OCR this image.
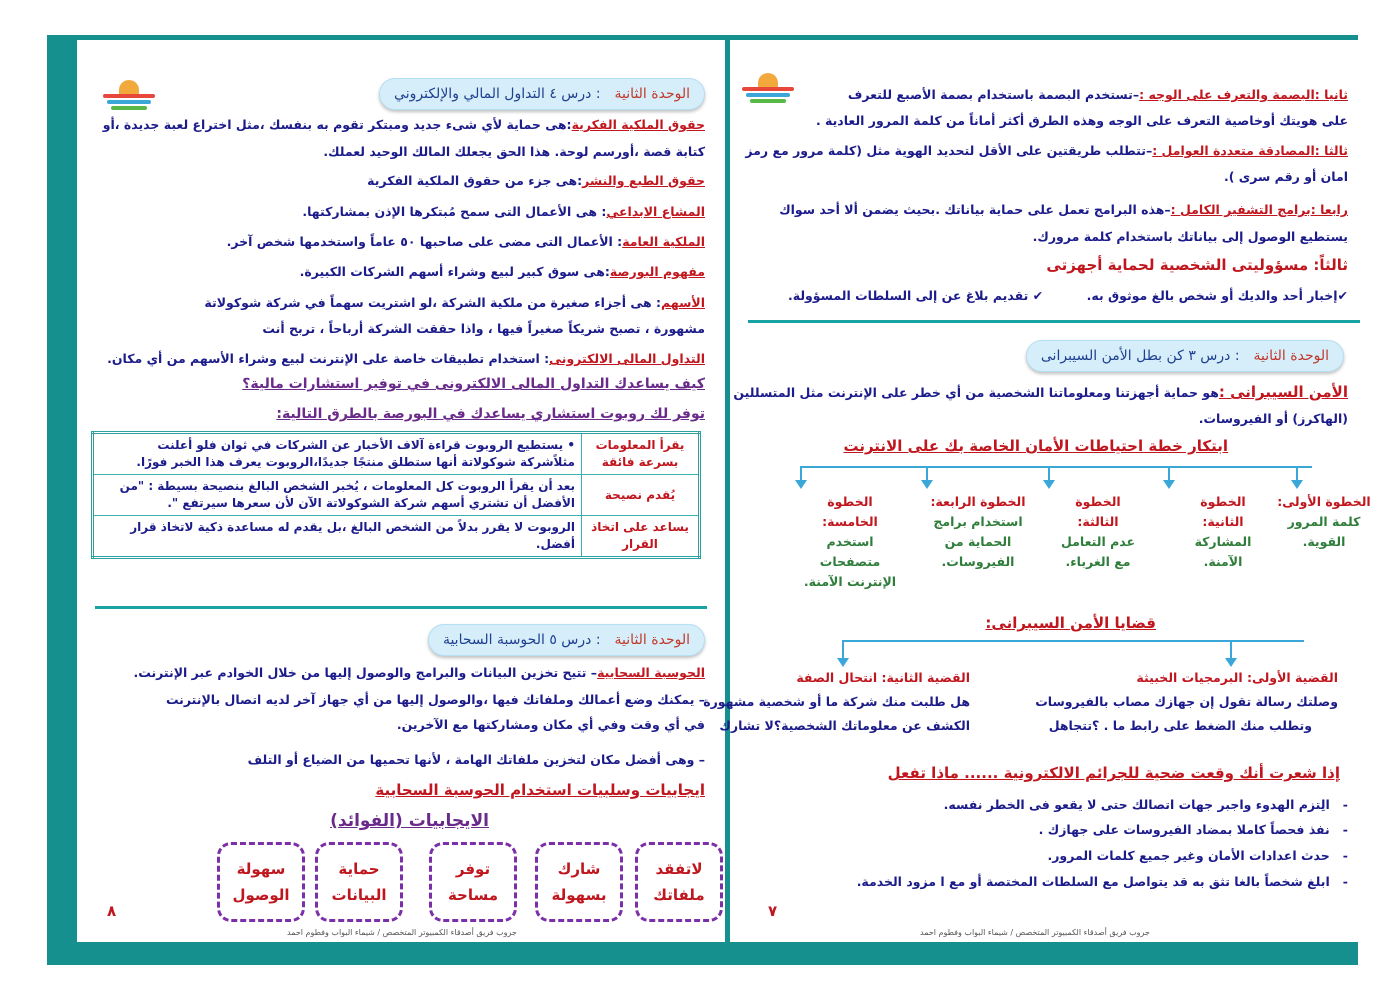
الوحدة الثانية
: درس ٤ التداول المالي والإلكتروني
حقوق الملكية الفكرية:هى حماية لأي شىء جديد ومبتكر تقوم به بنفسك ،مثل اختراع لعبة جديدة ،أو
كتابة قصة ،أورسم لوحة. هذا الحق يجعلك المالك الوحيد لعملك.
حقوق الطبع والنشر:هى جزء من حقوق الملكية الفكرية
المشاع الابداعي: هى الأعمال التى سمح مُبتكرها الإذن بمشاركتها.
الملكية العامة: الأعمال التى مضى على صاحبها ٥٠ عاماً واستخدمها شخص آخر.
مفهوم البورصة:هى سوق كبير لبيع وشراء أسهم الشركات الكبيرة.
الأسهم: هى أجزاء صغيرة من ملكية الشركة ،لو اشتريت سهماً في شركة شوكولاتة
مشهورة ، تصبح شريكاً صغيراً فيها ، واذا حققت الشركة أرباحاً ، تربح أنت
التداول المالى الالكترونى: استخدام تطبيقات خاصة على الإنترنت لبيع وشراء الأسهم من أي مكان.
كيف يساعدك التداول المالى الالكترونى في توفير استشارات مالية؟
توفر لك روبوت استشاري يساعدك في البورصة بالطرق التالية:
يقرأ المعلومات بسرعة فائقة	• يستطيع الروبوت قراءة آلاف الأخبار عن الشركات في ثوان فلو أعلنت مثلاًشركة شوكولاتة أنها ستطلق منتجًا جديدًا،الروبوت يعرف هذا الخبر فورًا.
يُقدم نصيحة	بعد أن يقرأ الروبوت كل المعلومات ، يُخبر الشخص البالغ بنصيحة بسيطة : "من الأفضل أن تشتري أسهم شركة الشوكولاتة الآن لأن سعرها سيرتفع ".
يساعد على اتخاذ القرار	الروبوت لا يقرر بدلاً من الشخص البالغ ،بل يقدم له مساعدة ذكية لاتخاذ قرار أفضل.
الوحدة الثانية
: درس ٥ الحوسبة السحابية
الحوسبة السحابية– تتيح تخزين البيانات والبرامج والوصول إليها من خلال الخوادم عبر الإنترنت.
– يمكنك وضع أعمالك وملفاتك فيها ،والوصول إليها من أي جهاز آخر لديه اتصال بالإنترنت
في أي وقت وفي أي مكان ومشاركتها مع الآخرين.
– وهى أفضل مكان لتخزين ملفاتك الهامة ، لأنها تحميها من الضياع أو التلف
ايجابيات وسلبيات استخدام الحوسبة السحابية
الايجابيات (الفوائد)
لاتفقد ملفاتك
شارك بسهولة
توفر مساحة
حماية البيانات
سهولة الوصول
٨
جروب فريق أصدقاء الكمبيوتر المتخصص / شيماء البواب وفطوم احمد
ثانيا :البصمة والتعرف على الوجه :–تستخدم البصمة باستخدام بصمة الأصبع للتعرف
على هويتك أوخاصية التعرف على الوجه وهذه الطرق أكثر أماناً من كلمة المرور العادية .
ثالثا :المصادقة متعددة العوامل :–تتطلب طريقتين على الأقل لتحديد الهوية مثل (كلمة مرور مع رمز
امان أو رقم سرى ).
رابعا :برامج التشفير الكامل :–هذه البرامج تعمل على حماية بياناتك .بحيث يضمن ألا أحد سواك
يستطيع الوصول إلى بياناتك باستخدام كلمة مرورك.
ثالثاً: مسؤوليتى الشخصية لحماية أجهزتى
✔إخبار أحد والديك أو شخص بالغ موثوق به.          ✔ تقديم بلاغ عن إلى السلطات المسؤولة.
الوحدة الثانية
: درس ٣ كن بطل الأمن السيبرانى
الأمن السيبرانى :هو حماية أجهزتنا ومعلوماتنا الشخصية من أي خطر على الإنترنت مثل المتسللين
(الهاكرز) أو الفيروسات.
ابتكار خطة احتياطات الأمان الخاصة بك على الانترنت
الخطوة الأولى:
كلمة المرور القوية.
الخطوة الثانية:
المشاركة الآمنة.
الخطوة الثالثة:
عدم التعامل مع الغرباء.
الخطوة الرابعة:
استخدام برامج الحماية من الفيروسات.
الخطوة الخامسة:
استخدم متصفحات الإنترنت الآمنة.
قضايا الأمن السيبرانى:
القضية الأولى: البرمجيات الخبيثة
وصلتك رسالة تقول إن جهازك مصاب بالفيروسات
وتطلب منك الضغط على رابط ما . ؟تتجاهل
القضية الثانية: انتحال الصفة
هل طلبت منك شركة ما أو شخصية مشهورة
الكشف عن معلوماتك الشخصية؟لا تشارك
إذا شعرت أنك وقعت ضحية للجرائم الالكترونية ...... ماذا تفعل
-   الِتزم الهدوء واجبر جهات اتصالك حتى لا يقعو فى الخطر نفسه.
-   نفذ فحصاً كاملا بمضاد الفيروسات على جهازك .
-   حدث اعدادات الأمان وغير جميع كلمات المرور.
-   ابلغ شخصاً بالغا تثق به قد يتواصل مع السلطات المختصة أو مع ا مزود الخدمة.
٧
جروب فريق أصدقاء الكمبيوتر المتخصص / شيماء البواب وفطوم احمد
